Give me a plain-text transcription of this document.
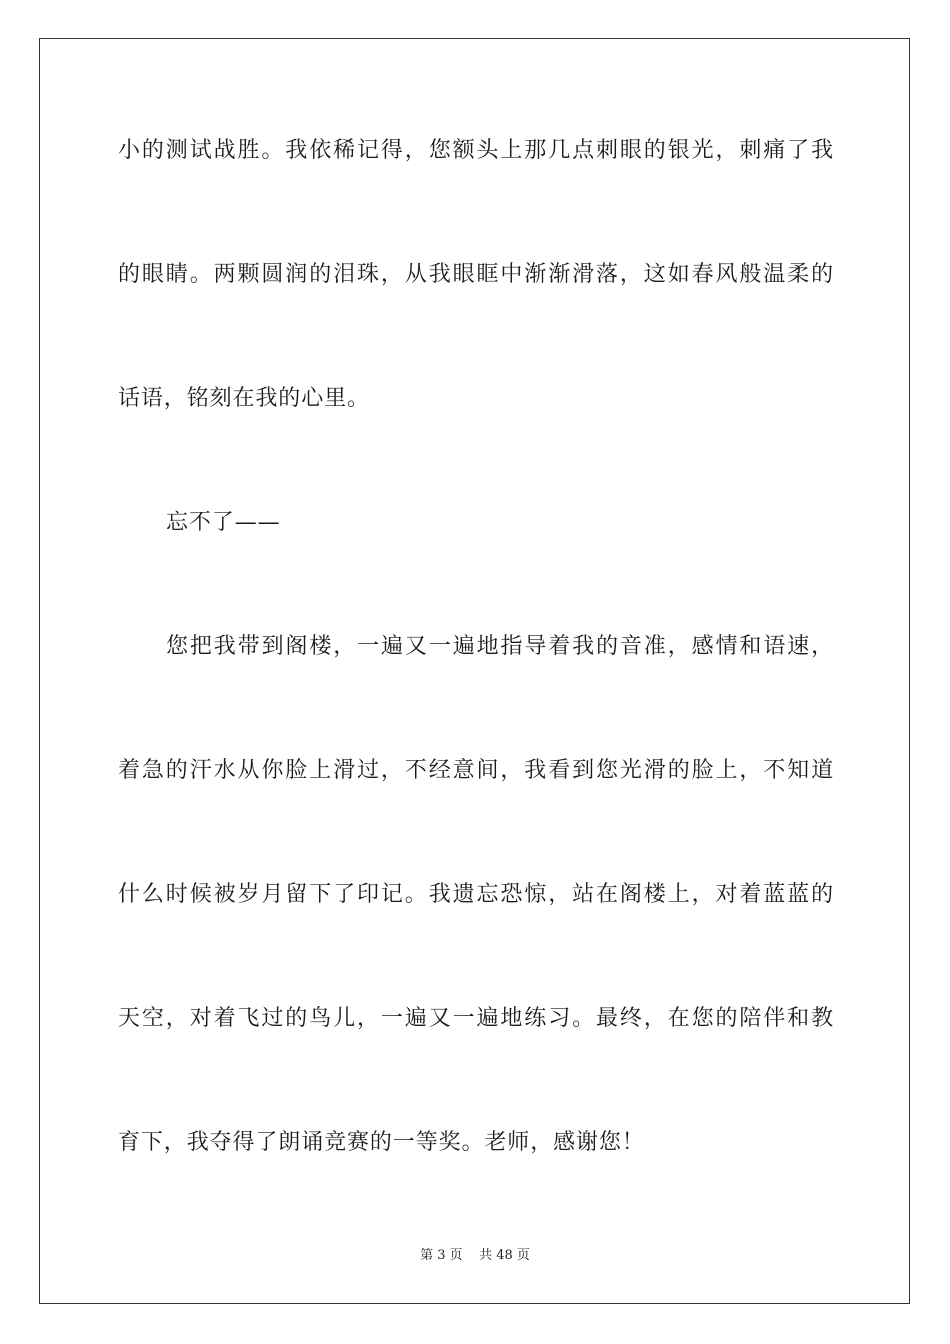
小的测试战胜。我依稀记得，您额头上那几点刺眼的银光，刺痛了我
的眼睛。两颗圆润的泪珠，从我眼眶中渐渐滑落，这如春风般温柔的
话语，铭刻在我的心里。
忘不了——
您把我带到阁楼，一遍又一遍地指导着我的音准，感情和语速，
着急的汗水从你脸上滑过，不经意间，我看到您光滑的脸上，不知道
什么时候被岁月留下了印记。我遗忘恐惊，站在阁楼上，对着蓝蓝的
天空，对着飞过的鸟儿，一遍又一遍地练习。最终，在您的陪伴和教
育下，我夺得了朗诵竞赛的一等奖。老师，感谢您！
第 3 页    共 48 页
